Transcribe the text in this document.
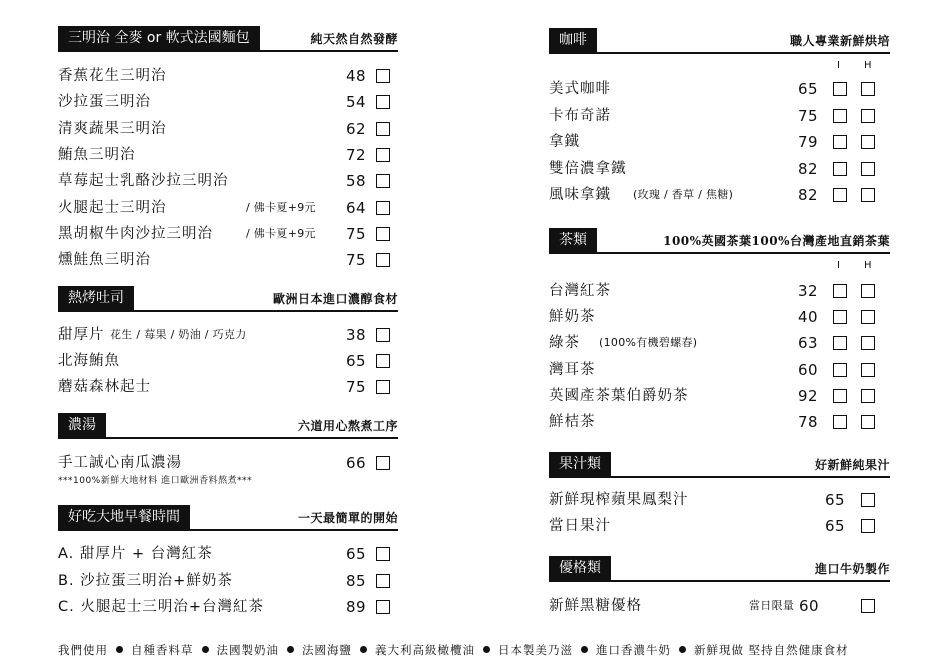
三明治 全麥 or 軟式法國麵包	純天然自然發酵
香蕉花生三明治	48
沙拉蛋三明治	54
清爽蔬果三明治	62
鮪魚三明治	72
草莓起士乳酪沙拉三明治	58
火腿起士三明治	/ 佛卡夏+9元 64
黑胡椒牛肉沙拉三明治	/ 佛卡夏+9元 75
燻鮭魚三明治	75
熱烤吐司	歐洲日本進口濃醇食材
甜厚片 花生 / 莓果 / 奶油 / 巧克力	38
北海鮪魚	65
蘑菇森林起士	75
濃湯	六道用心熬煮工序
手工誠心南瓜濃湯	66
***100%新鮮大地材料 進口歐洲香料熬煮***
好吃大地早餐時間	一天最簡單的開始
A. 甜厚片 + 台灣紅茶	65
B. 沙拉蛋三明治+鮮奶茶	85
C. 火腿起士三明治+台灣紅茶	89
咖啡	職人專業新鮮烘培
I H
美式咖啡	65
卡布奇諾	75
拿鐵	79
雙倍濃拿鐵	82
風味拿鐵 (玫瑰 / 香草 / 焦糖)	82
茶類	100%英國茶葉100%台灣產地直銷茶葉
I H
台灣紅茶	32
鮮奶茶	40
綠茶 (100%有機碧螺春)	63
灣耳茶	60
英國產茶葉伯爵奶茶	92
鮮桔茶	78
果汁類	好新鮮純果汁
新鮮現榨蘋果鳳梨汁	65
當日果汁	65
優格類	進口牛奶製作
新鮮黑糖優格	當日限量 60
我們使用 自種香料草 法國製奶油 法國海鹽 義大利高級橄欖油 日本製美乃滋 進口香濃牛奶 新鮮現做 堅持自然健康食材
